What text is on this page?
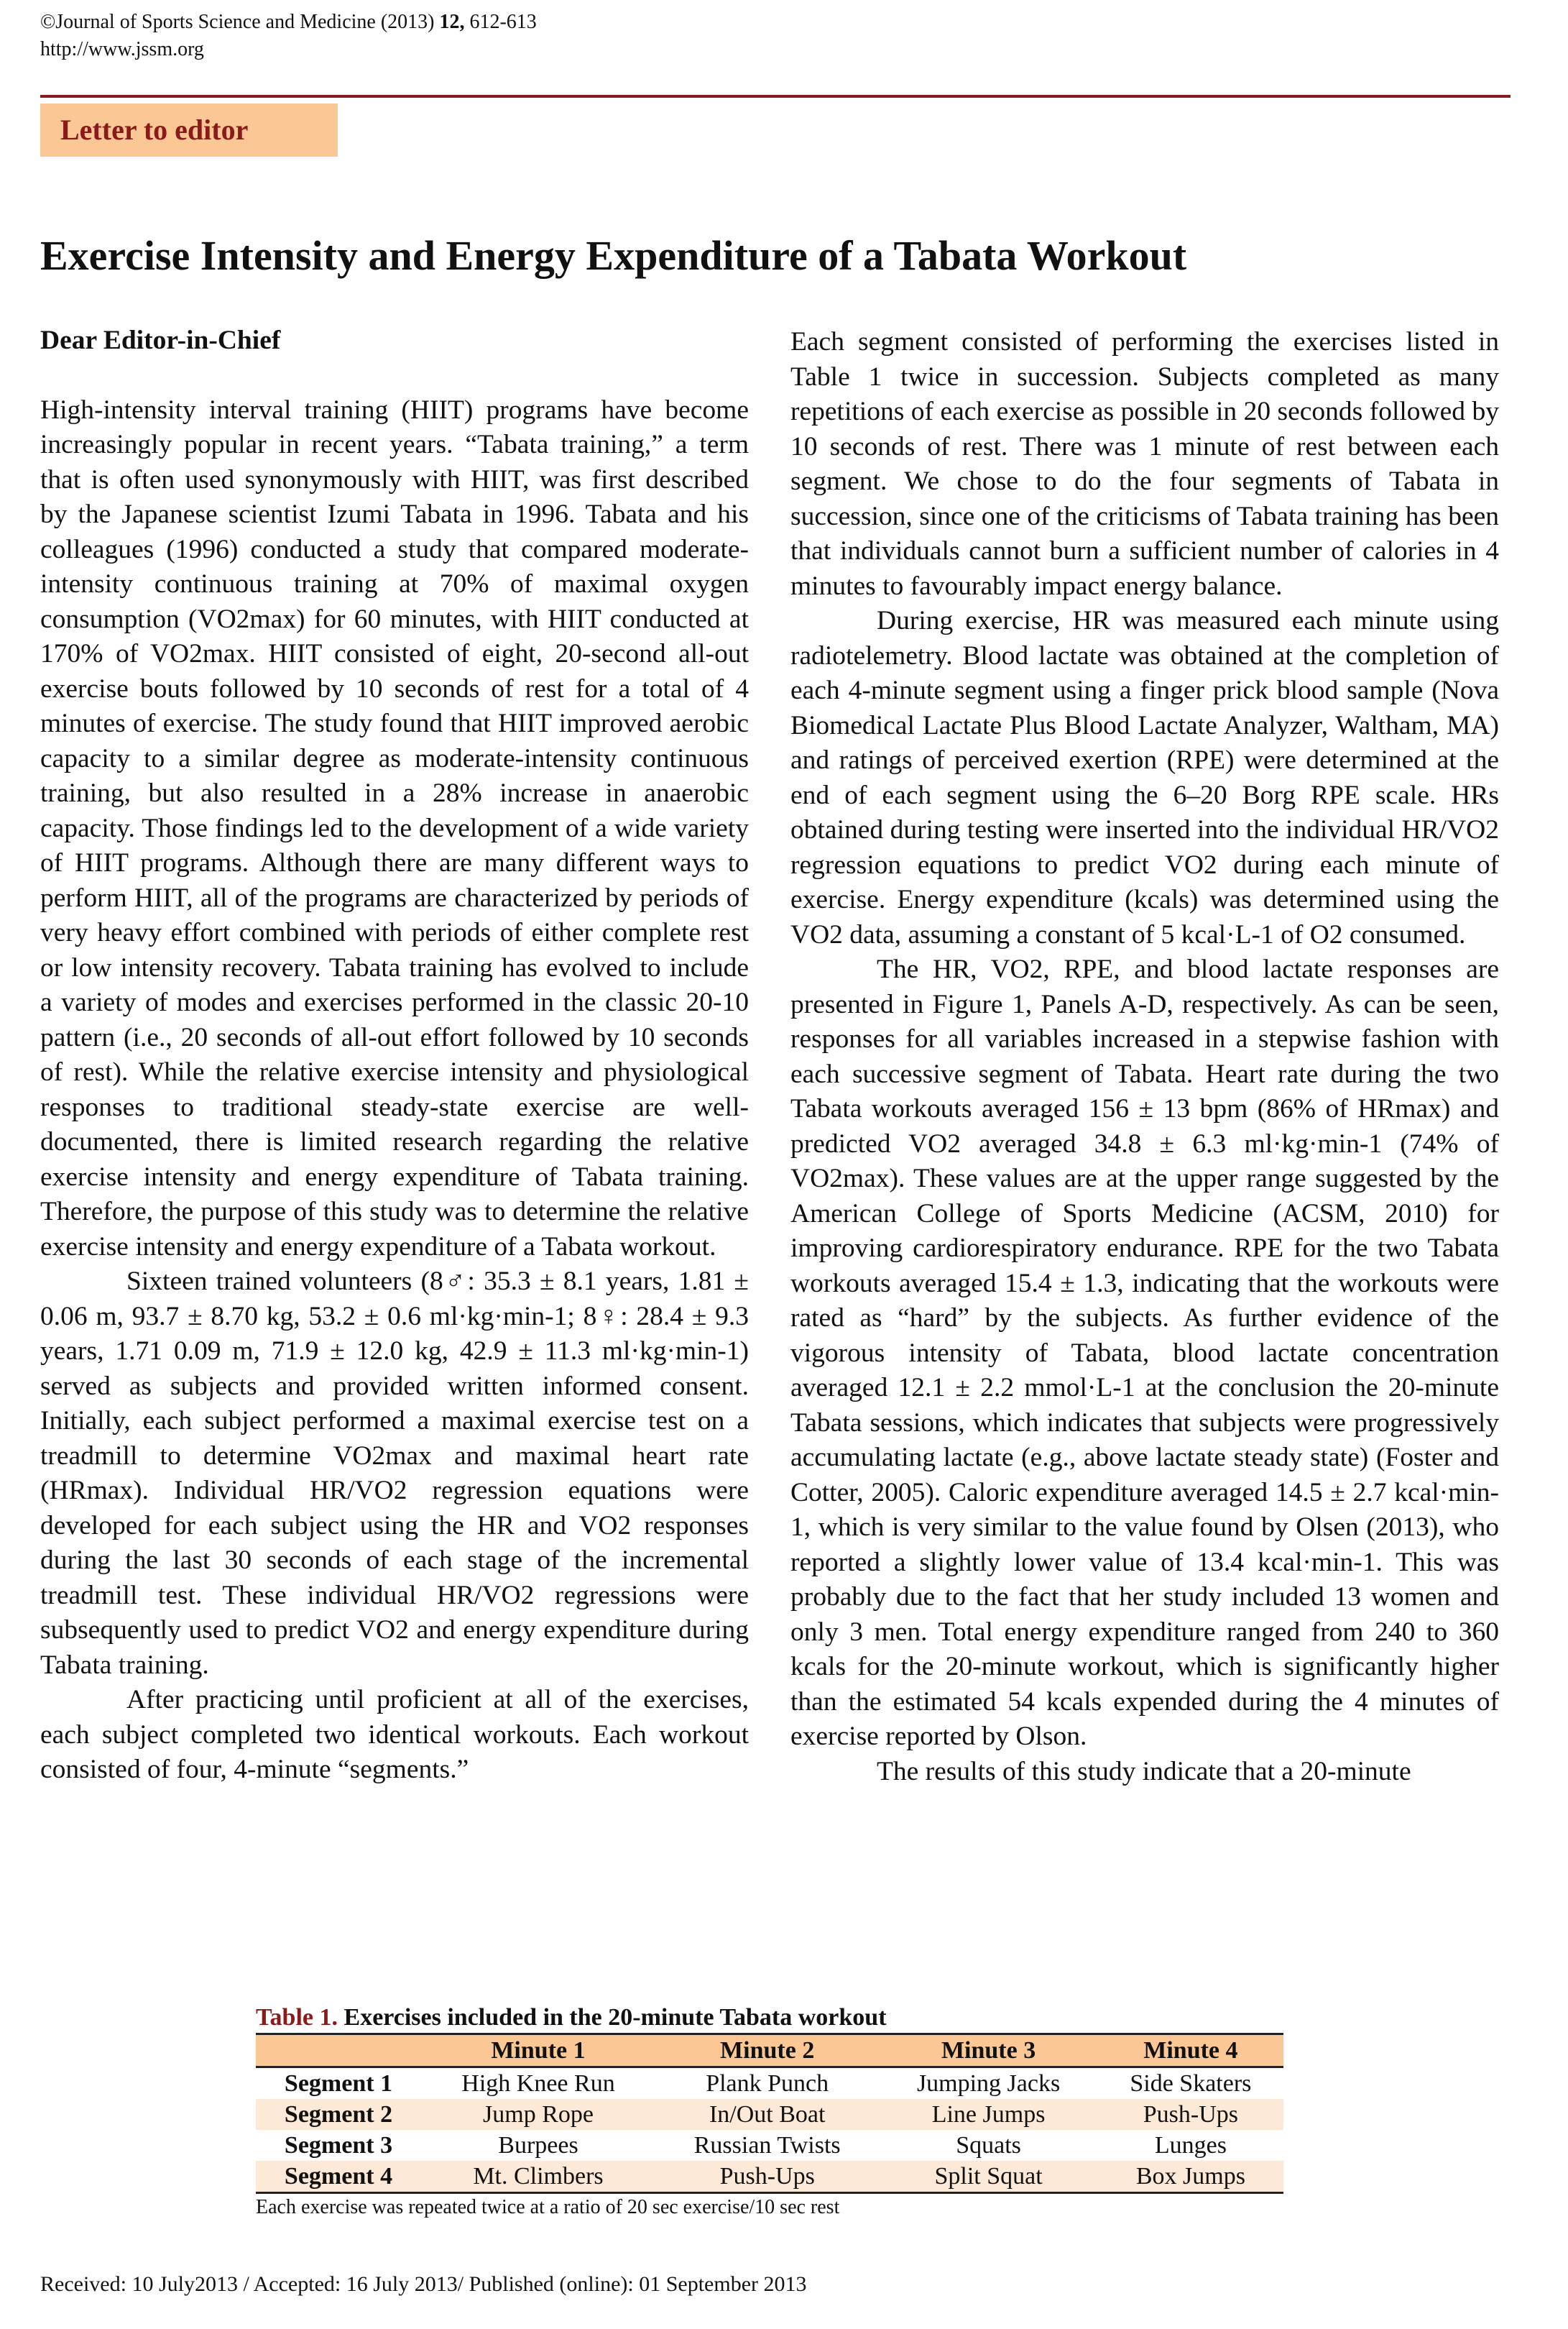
©Journal of Sports Science and Medicine (2013) 12, 612-613
http://www.jssm.org
Letter to editor
Exercise Intensity and Energy Expenditure of a Tabata Workout

Dear Editor-in-Chief

High-intensity interval training (HIIT) programs have become increasingly popular in recent years. “Tabata training,” a term that is often used synonymously with HIIT, was first described by the Japanese scientist Izumi Tabata in 1996. Tabata and his colleagues (1996) conducted a study that compared moderate-intensity continuous training at 70% of maximal oxygen consumption (VO2max) for 60 minutes, with HIIT conducted at 170% of VO2max. HIIT consisted of eight, 20-second all-out exercise bouts followed by 10 seconds of rest for a total of 4 minutes of exercise. The study found that HIIT improved aerobic capacity to a similar degree as moderate-intensity continuous training, but also resulted in a 28% increase in anaerobic capacity. Those findings led to the development of a wide variety of HIIT programs. Although there are many different ways to perform HIIT, all of the programs are characterized by periods of very heavy effort combined with periods of either complete rest or low intensity recovery. Tabata training has evolved to include a variety of modes and exercises performed in the classic 20-10 pattern (i.e., 20 seconds of all-out effort followed by 10 seconds of rest). While the relative exercise intensity and physiological responses to traditional steady-state exercise are well-documented, there is limited research regarding the relative exercise intensity and energy expenditure of Tabata training. Therefore, the purpose of this study was to determine the relative exercise intensity and energy expenditure of a Tabata workout.

Sixteen trained volunteers (8♂: 35.3 ± 8.1 years, 1.81 ± 0.06 m, 93.7 ± 8.70 kg, 53.2 ± 0.6 ml·kg·min-1; 8♀: 28.4 ± 9.3 years, 1.71 0.09 m, 71.9 ± 12.0 kg, 42.9 ± 11.3 ml·kg·min-1) served as subjects and provided written informed consent. Initially, each subject performed a maximal exercise test on a treadmill to determine VO2max and maximal heart rate (HRmax). Individual HR/VO2 regression equations were developed for each subject using the HR and VO2 responses during the last 30 seconds of each stage of the incremental treadmill test. These individual HR/VO2 regressions were subsequently used to predict VO2 and energy expenditure during Tabata training.

After practicing until proficient at all of the exercises, each subject completed two identical workouts. Each workout consisted of four, 4-minute “segments.”

Each segment consisted of performing the exercises listed in Table 1 twice in succession. Subjects completed as many repetitions of each exercise as possible in 20 seconds followed by 10 seconds of rest. There was 1 minute of rest between each segment. We chose to do the four segments of Tabata in succession, since one of the criticisms of Tabata training has been that individuals cannot burn a sufficient number of calories in 4 minutes to favourably impact energy balance.

During exercise, HR was measured each minute using radiotelemetry. Blood lactate was obtained at the completion of each 4-minute segment using a finger prick blood sample (Nova Biomedical Lactate Plus Blood Lactate Analyzer, Waltham, MA) and ratings of perceived exertion (RPE) were determined at the end of each segment using the 6–20 Borg RPE scale. HRs obtained during testing were inserted into the individual HR/VO2 regression equations to predict VO2 during each minute of exercise. Energy expenditure (kcals) was determined using the VO2 data, assuming a constant of 5 kcal·L-1 of O2 consumed.

The HR, VO2, RPE, and blood lactate responses are presented in Figure 1, Panels A-D, respectively. As can be seen, responses for all variables increased in a stepwise fashion with each successive segment of Tabata. Heart rate during the two Tabata workouts averaged 156 ± 13 bpm (86% of HRmax) and predicted VO2 averaged 34.8 ± 6.3 ml·kg·min-1 (74% of VO2max). These values are at the upper range suggested by the American College of Sports Medicine (ACSM, 2010) for improving cardiorespiratory endurance. RPE for the two Tabata workouts averaged 15.4 ± 1.3, indicating that the workouts were rated as “hard” by the subjects. As further evidence of the vigorous intensity of Tabata, blood lactate concentration averaged 12.1 ± 2.2 mmol·L-1 at the conclusion the 20-minute Tabata sessions, which indicates that subjects were progressively accumulating lactate (e.g., above lactate steady state) (Foster and Cotter, 2005). Caloric expenditure averaged 14.5 ± 2.7 kcal·min-1, which is very similar to the value found by Olsen (2013), who reported a slightly lower value of 13.4 kcal·min-1. This was probably due to the fact that her study included 13 women and only 3 men. Total energy expenditure ranged from 240 to 360 kcals for the 20-minute workout, which is significantly higher than the estimated 54 kcals expended during the 4 minutes of exercise reported by Olson.

The results of this study indicate that a 20-minute

Table 1. Exercises included in the 20-minute Tabata workout
	Minute 1	Minute 2	Minute 3	Minute 4
Segment 1	High Knee Run	Plank Punch	Jumping Jacks	Side Skaters
Segment 2	Jump Rope	In/Out Boat	Line Jumps	Push-Ups
Segment 3	Burpees	Russian Twists	Squats	Lunges
Segment 4	Mt. Climbers	Push-Ups	Split Squat	Box Jumps
Each exercise was repeated twice at a ratio of 20 sec exercise/10 sec rest
Received: 10 July2013 / Accepted: 16 July 2013/ Published (online): 01 September 2013
